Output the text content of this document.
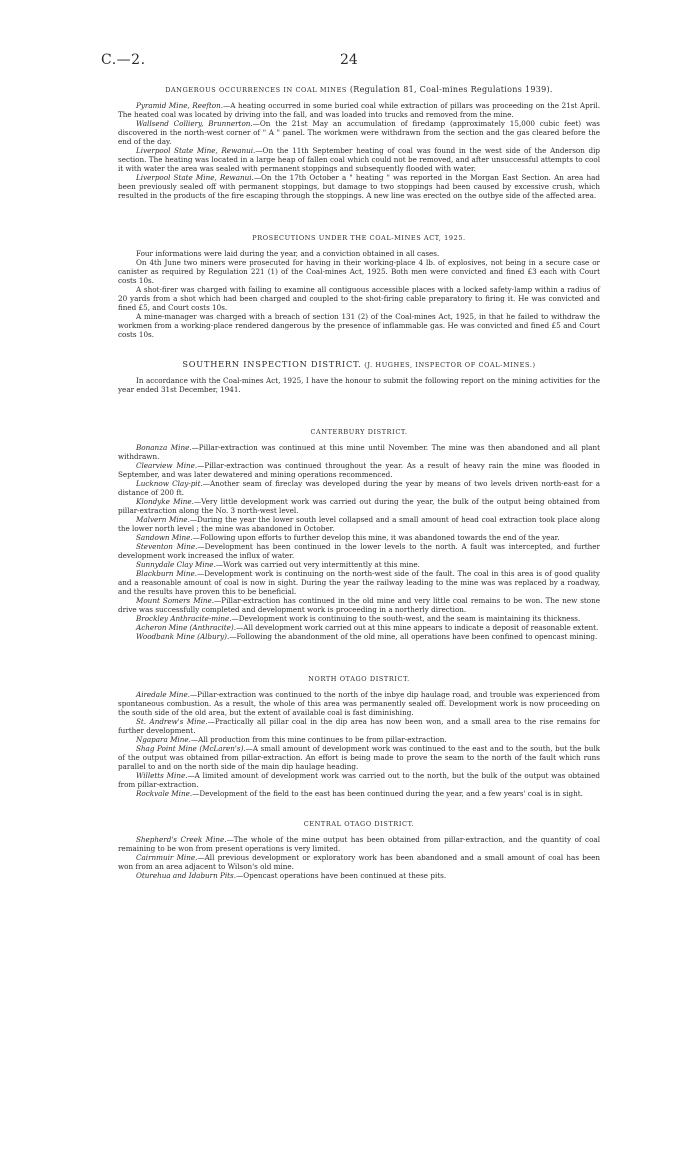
C.—2.	24
DANGEROUS OCCURRENCES IN COAL MINES (Regulation 81, Coal-mines Regulations 1939).

Pyramid Mine, Reefton.—A heating occurred in some buried coal while extraction of pillars was proceeding on the 21st April. The heated coal was located by driving into the fall, and was loaded into trucks and removed from the mine.

Wallsend Colliery, Brunnerton.—On the 21st May an accumulation of firedamp (approximately 15,000 cubic feet) was discovered in the north-west corner of " A " panel. The workmen were withdrawn from the section and the gas cleared before the end of the day.

Liverpool State Mine, Rewanui.—On the 11th September heating of coal was found in the west side of the Anderson dip section. The heating was located in a large heap of fallen coal which could not be removed, and after unsuccessful attempts to cool it with water the area was sealed with permanent stoppings and subsequently flooded with water.

Liverpool State Mine, Rewanui.—On the 17th October a " heating " was reported in the Morgan East Section. An area had been previously sealed off with permanent stoppings, but damage to two stoppings had been caused by excessive crush, which resulted in the products of the fire escaping through the stoppings. A new line was erected on the outbye side of the affected area.

PROSECUTIONS UNDER THE COAL-MINES ACT, 1925.

Four informations were laid during the year, and a conviction obtained in all cases.

On 4th June two miners were prosecuted for having in their working-place 4 lb. of explosives, not being in a secure case or canister as required by Regulation 221 (1) of the Coal-mines Act, 1925. Both men were convicted and fined £3 each with Court costs 10s.

A shot-firer was charged with failing to examine all contiguous accessible places with a locked safety-lamp within a radius of 20 yards from a shot which had been charged and coupled to the shot-firing cable preparatory to firing it. He was convicted and fined £5, and Court costs 10s.

A mine-manager was charged with a breach of section 131 (2) of the Coal-mines Act, 1925, in that he failed to withdraw the workmen from a working-place rendered dangerous by the presence of inflammable gas. He was convicted and fined £5 and Court costs 10s.

SOUTHERN INSPECTION DISTRICT. (J. HUGHES, INSPECTOR OF COAL-MINES.)

In accordance with the Coal-mines Act, 1925, I have the honour to submit the following report on the mining activities for the year ended 31st December, 1941.

CANTERBURY DISTRICT.

Bonanza Mine.—Pillar-extraction was continued at this mine until November. The mine was then abandoned and all plant withdrawn.

Clearview Mine.—Pillar-extraction was continued throughout the year. As a result of heavy rain the mine was flooded in September, and was later dewatered and mining operations recommenced.

Lucknow Clay-pit.—Another seam of fireclay was developed during the year by means of two levels driven north-east for a distance of 200 ft.

Klondyke Mine.—Very little development work was carried out during the year, the bulk of the output being obtained from pillar-extraction along the No. 3 north-west level.

Malvern Mine.—During the year the lower south level collapsed and a small amount of head coal extraction took place along the lower north level ; the mine was abandoned in October.

Sandown Mine.—Following upon efforts to further develop this mine, it was abandoned towards the end of the year.

Steventon Mine.—Development has been continued in the lower levels to the north. A fault was intercepted, and further development work increased the influx of water.

Sunnydale Clay Mine.—Work was carried out very intermittently at this mine.

Blackburn Mine.—Development work is continuing on the north-west side of the fault. The coal in this area is of good quality and a reasonable amount of coal is now in sight. During the year the railway leading to the mine was was replaced by a roadway, and the results have proven this to be beneficial.

Mount Somers Mine.—Pillar-extraction has continued in the old mine and very little coal remains to be won. The new stone drive was successfully completed and development work is proceeding in a northerly direction.

Brockley Anthracite-mine.—Development work is continuing to the south-west, and the seam is maintaining its thickness.

Acheron Mine (Anthracite).—All development work carried out at this mine appears to indicate a deposit of reasonable extent.

Woodbank Mine (Albury).—Following the abandonment of the old mine, all operations have been confined to opencast mining.

NORTH OTAGO DISTRICT.

Airedale Mine.—Pillar-extraction was continued to the north of the inbye dip haulage road, and trouble was experienced from spontaneous combustion. As a result, the whole of this area was permanently sealed off. Development work is now proceeding on the south side of the old area, but the extent of available coal is fast diminishing.

St. Andrew's Mine.—Practically all pillar coal in the dip area has now been won, and a small area to the rise remains for further development.

Ngapara Mine.—All production from this mine continues to be from pillar-extraction.

Shag Point Mine (McLaren's).—A small amount of development work was continued to the east and to the south, but the bulk of the output was obtained from pillar-extraction. An effort is being made to prove the seam to the north of the fault which runs parallel to and on the north side of the main dip haulage heading.

Willetts Mine.—A limited amount of development work was carried out to the north, but the bulk of the output was obtained from pillar-extraction.

Rockvale Mine.—Development of the field to the east has been continued during the year, and a few years' coal is in sight.

CENTRAL OTAGO DISTRICT.

Shepherd's Creek Mine.—The whole of the mine output has been obtained from pillar-extraction, and the quantity of coal remaining to be won from present operations is very limited.

Cairnmuir Mine.—All previous development or exploratory work has been abandoned and a small amount of coal has been won from an area adjacent to Wilson's old mine.

Oturehua and Idaburn Pits.—Opencast operations have been continued at these pits.
